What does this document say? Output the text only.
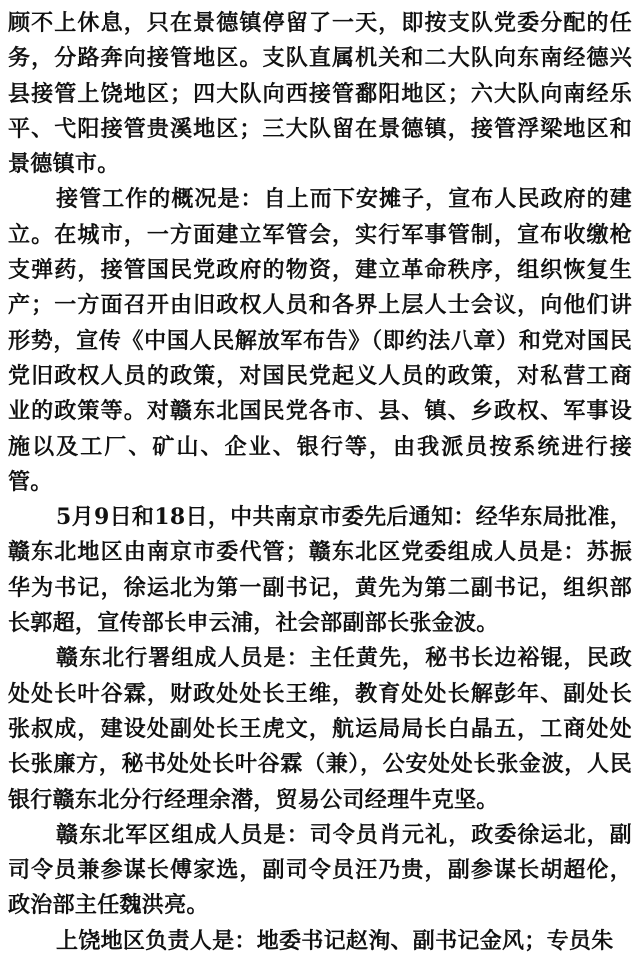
顾不上休息，只在景德镇停留了一天，即按支队党委分配的任务，分路奔向接管地区。支队直属机关和二大队向东南经德兴县接管上饶地区；四大队向西接管鄱阳地区；六大队向南经乐平、弋阳接管贵溪地区；三大队留在景德镇，接管浮梁地区和景德镇市。

接管工作的概况是：自上而下安摊子，宣布人民政府的建立。在城市，一方面建立军管会，实行军事管制，宣布收缴枪支弹药，接管国民党政府的物资，建立革命秩序，组织恢复生产；一方面召开由旧政权人员和各界上层人士会议，向他们讲形势，宣传《中国人民解放军布告》（即约法八章）和党对国民党旧政权人员的政策，对国民党起义人员的政策，对私营工商业的政策等。对赣东北国民党各市、县、镇、乡政权、军事设施以及工厂、矿山、企业、银行等，由我派员按系统进行接管。

5月9日和18日，中共南京市委先后通知：经华东局批准，赣东北地区由南京市委代管；赣东北区党委组成人员是：苏振华为书记，徐运北为第一副书记，黄先为第二副书记，组织部长郭超，宣传部长申云浦，社会部副部长张金波。

赣东北行署组成人员是：主任黄先，秘书长边裕锟，民政处处长叶谷霖，财政处处长王维，教育处处长解彭年、副处长张叔成，建设处副处长王虎文，航运局局长白晶五，工商处处长张廉方，秘书处处长叶谷霖（兼），公安处处长张金波，人民银行赣东北分行经理余潜，贸易公司经理牛克坚。

赣东北军区组成人员是：司令员肖元礼，政委徐运北，副司令员兼参谋长傅家选，副司令员汪乃贵，副参谋长胡超伦，政治部主任魏洪亮。

上饶地区负责人是：地委书记赵洵、副书记金风；专员朱
